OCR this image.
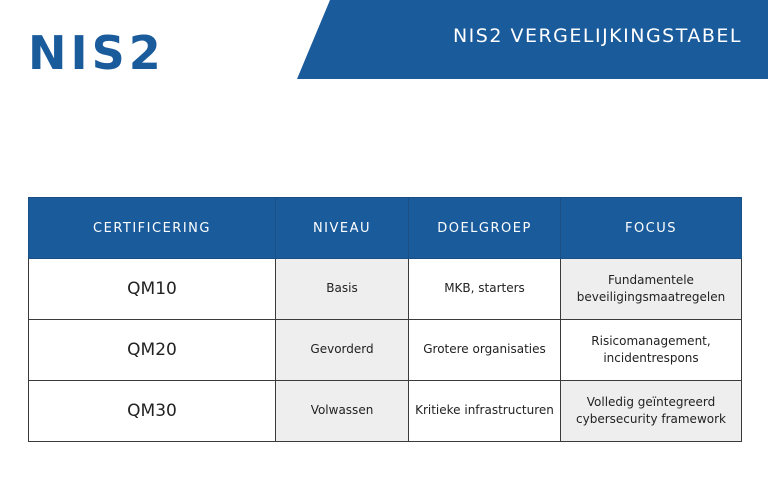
NIS2	NIS2 VERGELIJKINGSTABEL
CERTIFICERING	NIVEAU	DOELGROEP	FOCUS
QM10	Basis	MKB, starters	Fundamentele
beveiligingsmaatregelen

QM20	Gevorderd	Grotere organisaties	Risicomanagement,
incidentrespons

QM30	Volwassen	Kritieke infrastructuren	Volledig geïntegreerd
cybersecurity framework
